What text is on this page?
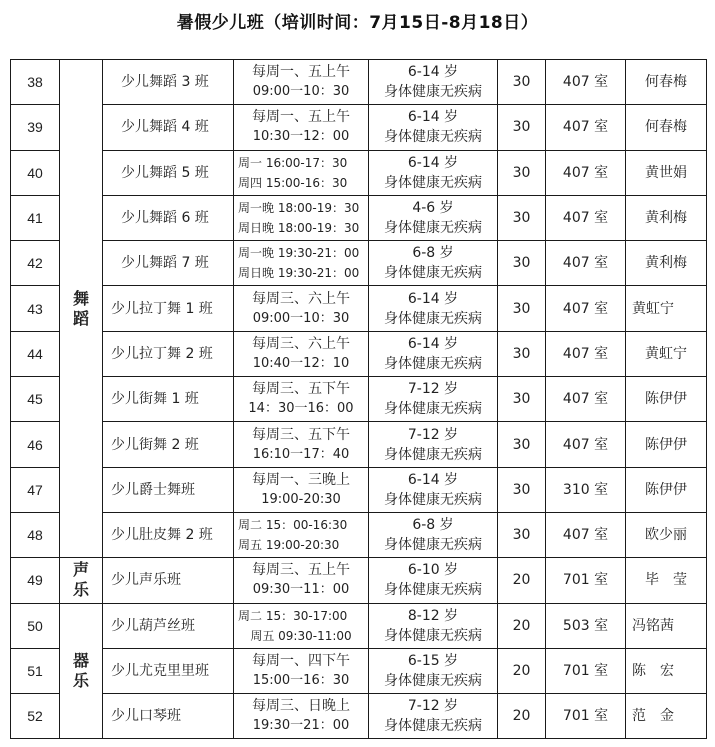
暑假少儿班（培训时间：7月15日-8月18日）
38	舞蹈	少儿舞蹈 3 班	每周一、五上午
09:00一10：30	6-14 岁
身体健康无疾病	30	407 室	何春梅
39		少儿舞蹈 4 班	每周一、五上午
10:30一12：00	6-14 岁
身体健康无疾病	30	407 室	何春梅
40		少儿舞蹈 5 班	周一 16:00-17：30
周四 15:00-16：30	6-14 岁
身体健康无疾病	30	407 室	黄世娟
41		少儿舞蹈 6 班	周一晚 18:00-19：30
周日晚 18:00-19：30	4-6 岁
身体健康无疾病	30	407 室	黄利梅
42		少儿舞蹈 7 班	周一晚 19:30-21：00
周日晚 19:30-21：00	6-8 岁
身体健康无疾病	30	407 室	黄利梅
43		少儿拉丁舞 1 班	每周三、六上午
09:00一10：30	6-14 岁
身体健康无疾病	30	407 室	黄虹宁
44		少儿拉丁舞 2 班	每周三、六上午
10:40一12：10	6-14 岁
身体健康无疾病	30	407 室	黄虹宁
45		少儿街舞 1 班	每周三、五下午
14：30一16：00	7-12 岁
身体健康无疾病	30	407 室	陈伊伊
46		少儿街舞 2 班	每周三、五下午
16:10一17：40	7-12 岁
身体健康无疾病	30	407 室	陈伊伊
47		少儿爵士舞班	每周一、三晚上
19:00-20:30	6-14 岁
身体健康无疾病	30	310 室	陈伊伊
48		少儿肚皮舞 2 班	周二 15：00-16:30
周五 19:00-20:30	6-8 岁
身体健康无疾病	30	407 室	欧少丽
49	声乐	少儿声乐班	每周三、五上午
09:30一11：00	6-10 岁
身体健康无疾病	20	701 室	毕　莹
50	器乐	少儿葫芦丝班	周二 15：30-17:00
周五 09:30-11:00	8-12 岁
身体健康无疾病	20	503 室	冯铭茜
51		少儿尤克里里班	每周一、四下午
15:00一16：30	6-15 岁
身体健康无疾病	20	701 室	陈　宏
52		少儿口琴班	每周三、日晚上
19:30一21：00	7-12 岁
身体健康无疾病	20	701 室	范　金
